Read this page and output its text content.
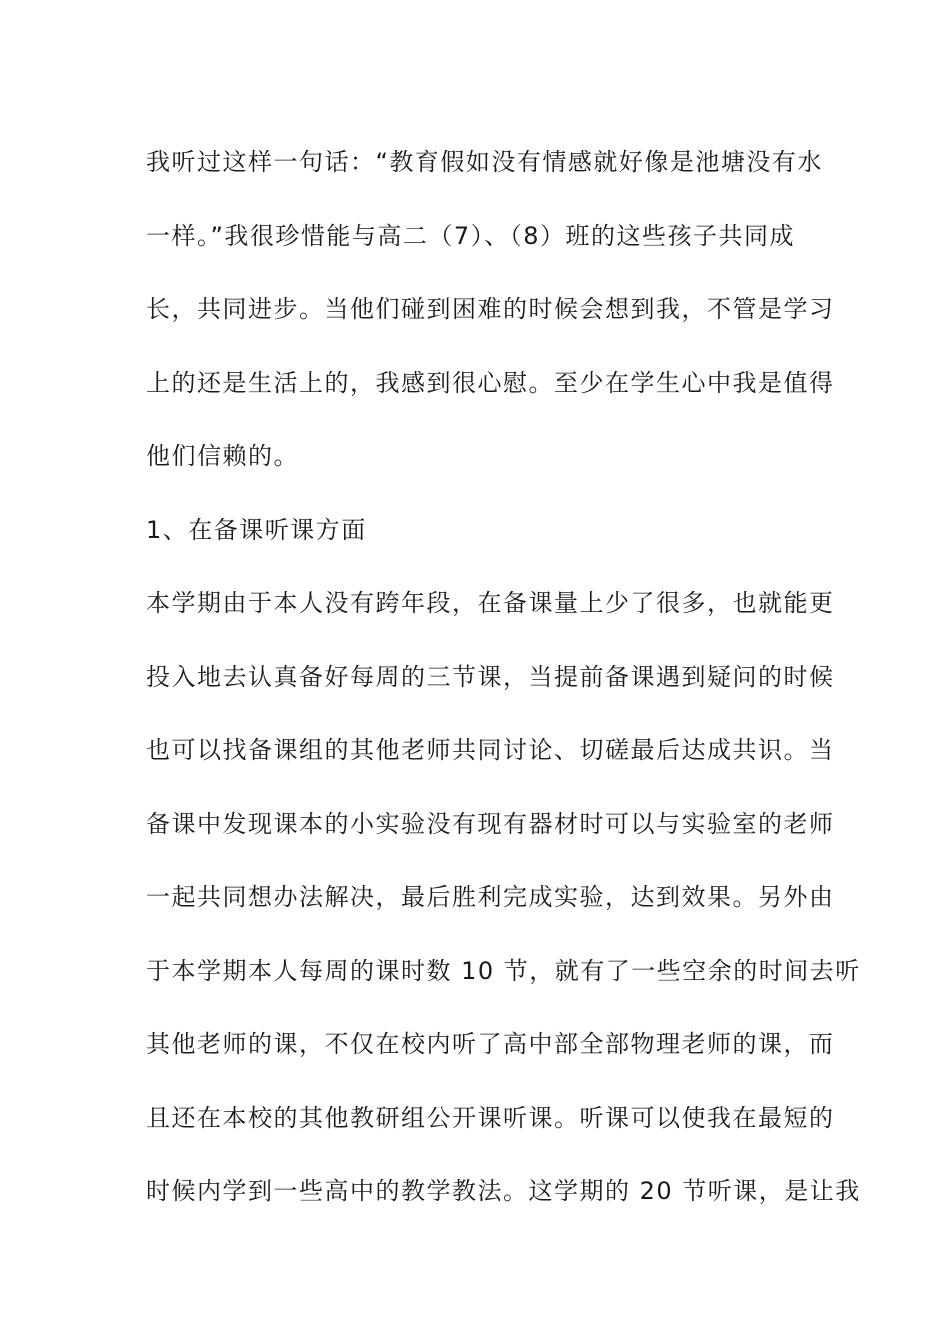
我听过这样一句话：“教育假如没有情感就好像是池塘没有水
一样。”我很珍惜能与高二（7）、（8）班的这些孩子共同成
长，共同进步。当他们碰到困难的时候会想到我，不管是学习
上的还是生活上的，我感到很心慰。至少在学生心中我是值得
他们信赖的。
1、在备课听课方面
本学期由于本人没有跨年段，在备课量上少了很多，也就能更
投入地去认真备好每周的三节课，当提前备课遇到疑问的时候
也可以找备课组的其他老师共同讨论、切磋最后达成共识。当
备课中发现课本的小实验没有现有器材时可以与实验室的老师
一起共同想办法解决，最后胜利完成实验，达到效果。另外由
于本学期本人每周的课时数 10 节，就有了一些空余的时间去听
其他老师的课，不仅在校内听了高中部全部物理老师的课，而
且还在本校的其他教研组公开课听课。听课可以使我在最短的
时候内学到一些高中的教学教法。这学期的 20 节听课，是让我
